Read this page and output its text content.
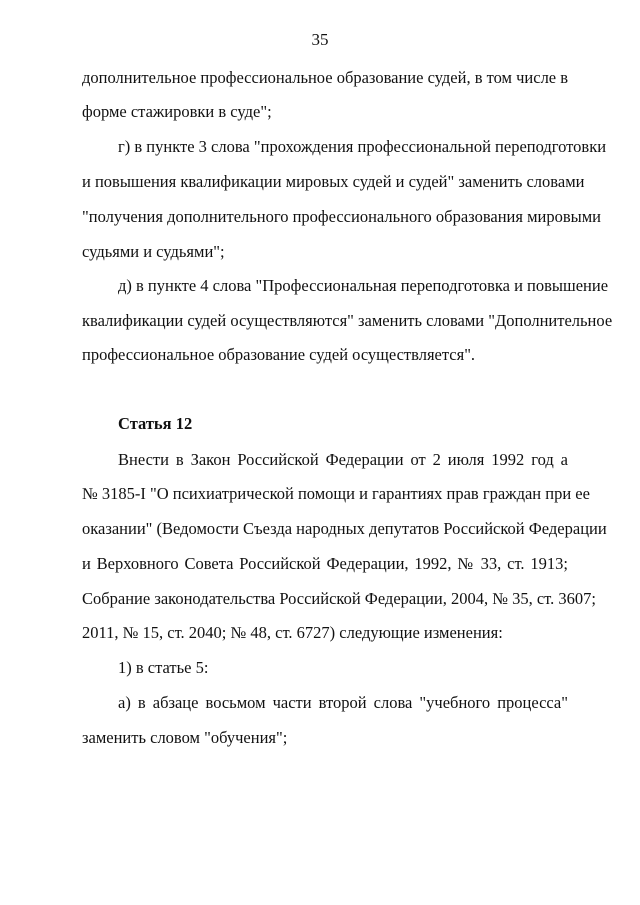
35
дополнительное профессиональное образование судей, в том числе в
форме стажировки в суде";
г) в пункте 3 слова "прохождения профессиональной переподготовки
и повышения квалификации мировых судей и судей" заменить словами
"получения дополнительного профессионального образования мировыми
судьями и судьями";
д) в пункте 4 слова "Профессиональная переподготовка и повышение
квалификации судей осуществляются" заменить словами "Дополнительное
профессиональное образование судей осуществляется".
Статья 12
Внести в Закон Российской Федерации от 2 июля 1992 год а
№ 3185-I "О психиатрической помощи и гарантиях прав граждан при ее
оказании" (Ведомости Съезда народных депутатов Российской Федерации
и Верховного Совета Российской Федерации, 1992, № 33, ст. 1913;
Собрание законодательства Российской Федерации, 2004, № 35, ст. 3607;
2011, № 15, ст. 2040; № 48, ст. 6727) следующие изменения:
1) в статье 5:
а) в абзаце восьмом части второй слова "учебного процесса"
заменить словом "обучения";
